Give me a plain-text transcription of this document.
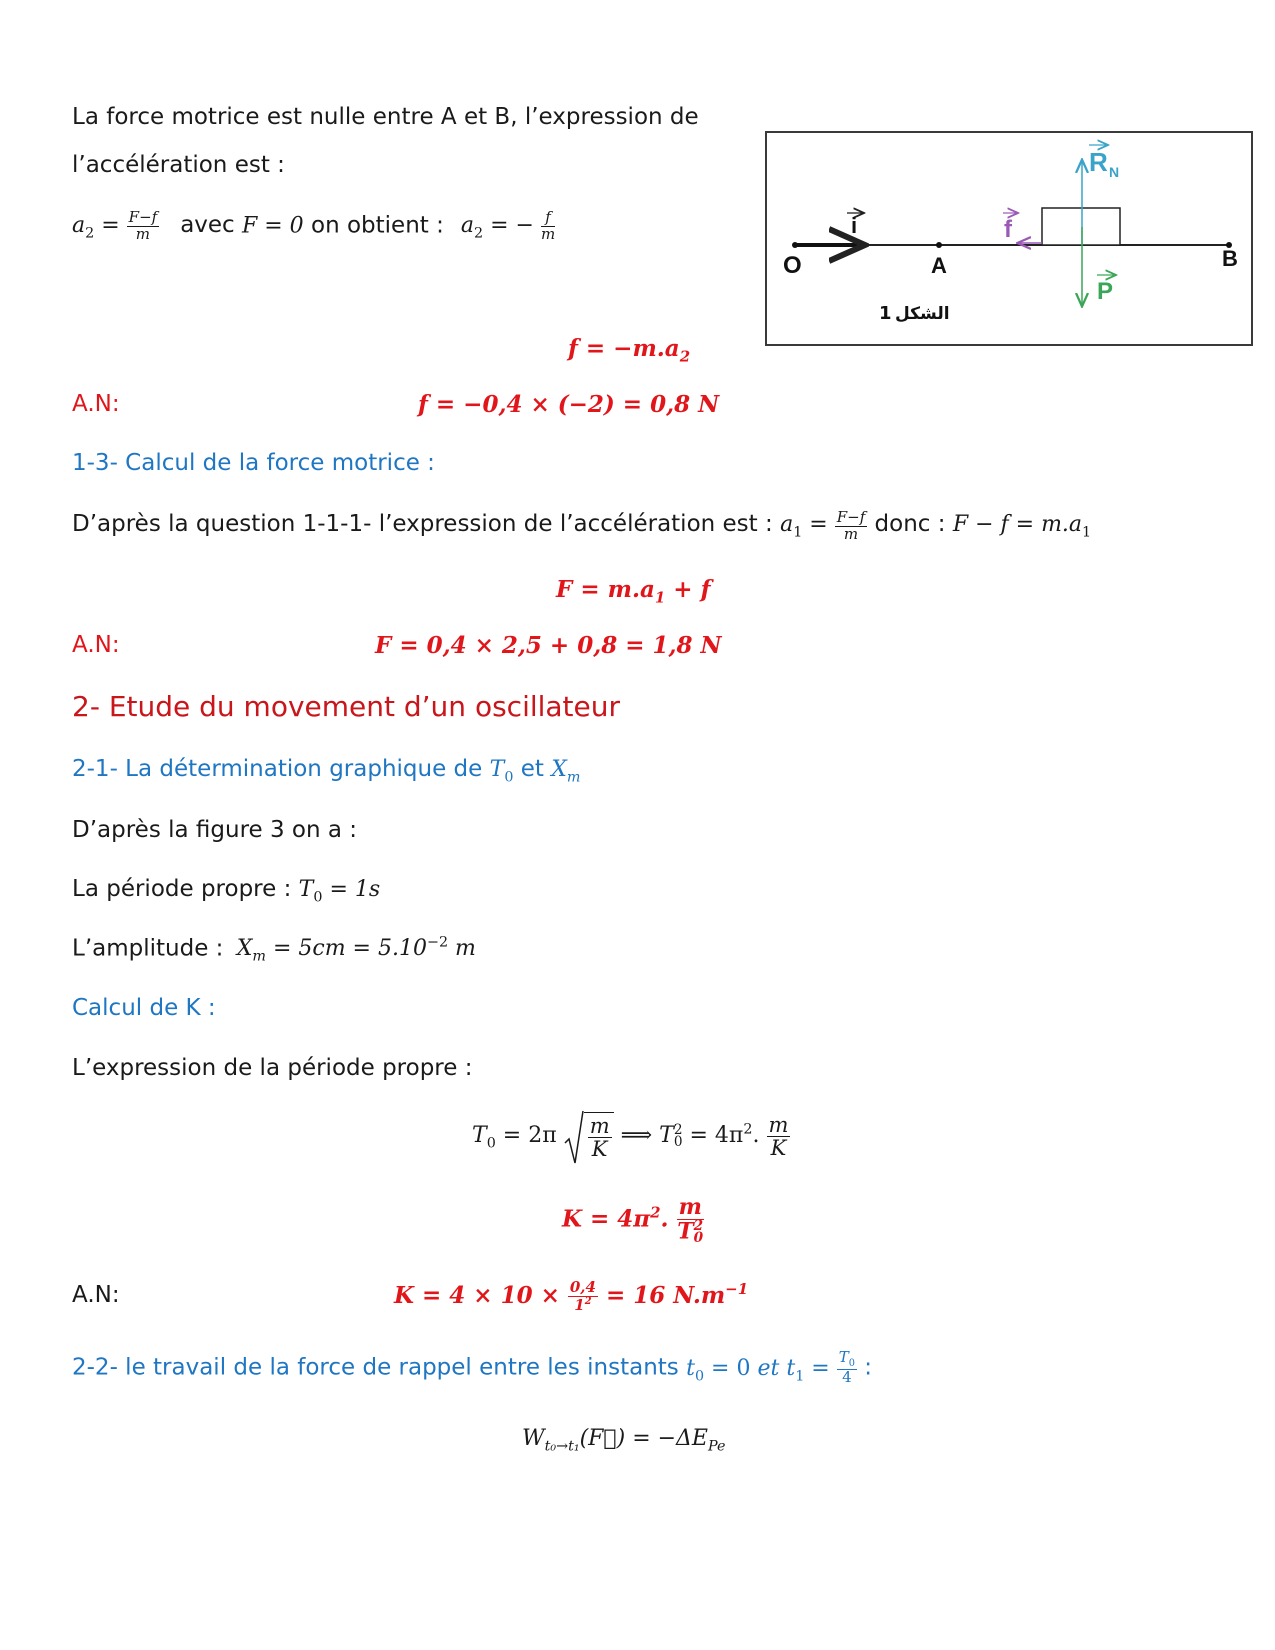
La force motrice est nulle entre A et B, l’expression de
l’accélération est :
$a_2 = \frac{F-f}{m}$ avec F = 0 on obtient : $a_2$ = − $\frac{f}{m}$
O	A	B
i	f
R N
P
1 الشكل
$f = -m.a_2$
A.N:	f = −0,4 × (−2) = 0,8 N
1-3- Calcul de la force motrice :
D’après la question 1-1-1- l’expression de l’accélération est : $a_1 = \frac{F-f}{m}$ donc : $F - f = m.a_1$
$F = m.a_1 + f$
A.N:	F = 0,4 × 2,5 + 0,8 = 1,8 N
2- Etude du movement d’un oscillateur
2-1- La détermination graphique de $T_0$ et $X_m$
D’après la figure 3 on a :
La période propre : $T_0 = 1s$
L’amplitude : $X_m = 5cm = 5.10^{-2}$ m
Calcul de K :
L’expression de la période propre :
$T_0 = 2\pi \frac{m}{K}$ ⟹ T 2
$0 = 4\pi^2$. $\frac{m}{K}$
$K = 4\pi^2$. m
T 2
0
A.N:	$K = 4 \times 10 \times \frac{0,4}{1^2} = 16$ $N.m^{-1}$
2-2- le travail de la force de rappel entre les instants $t_0 = 0$ et $t_1 = \frac{T_0}{4}$ :
$W_{t_0\to t_1}(F⃗) = -\Delta E_{Pe}$
